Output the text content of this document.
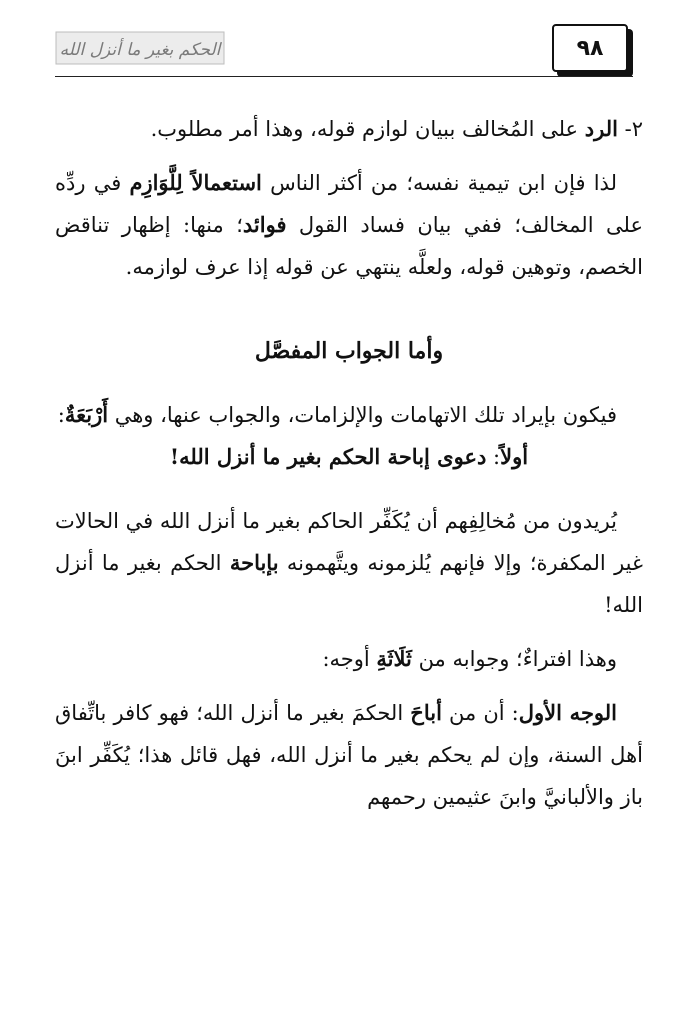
٩٨
الحكم بغير ما أنزل الله

٢- الرد على المُخالف ببيان لوازم قوله، وهذا أمر مطلوب.

لذا فإن ابن تيمية نفسه؛ من أكثر الناس استعمالاً لِلَّوَازِم في ردِّه على المخالف؛ ففي بيان فساد القول فوائد؛ منها: إظهار تناقض الخصم، وتوهين قوله، ولعلَّه ينتهي عن قوله إذا عرف لوازمه.

وأما الجواب المفصَّل

فيكون بإيراد تلك الاتهامات والإلزامات، والجواب عنها، وهي أَرْبَعَةٌ:

أولاً: دعوى إباحة الحكم بغير ما أنزل الله!

يُريدون من مُخالِفِهم أن يُكَفِّر الحاكم بغير ما أنزل الله في الحالات غير المكفرة؛ وإلا فإنهم يُلزمونه ويتَّهمونه بإباحة الحكم بغير ما أنزل الله!

وهذا افتراءٌ؛ وجوابه من ثَلَاثَةِ أوجه:

الوجه الأول: أن من أباحَ الحكمَ بغير ما أنزل الله؛ فهو كافر باتِّفاق أهل السنة، وإن لم يحكم بغير ما أنزل الله، فهل قائل هذا؛ يُكَفِّر ابنَ باز والألبانيَّ وابنَ عثيمين رحمهم
